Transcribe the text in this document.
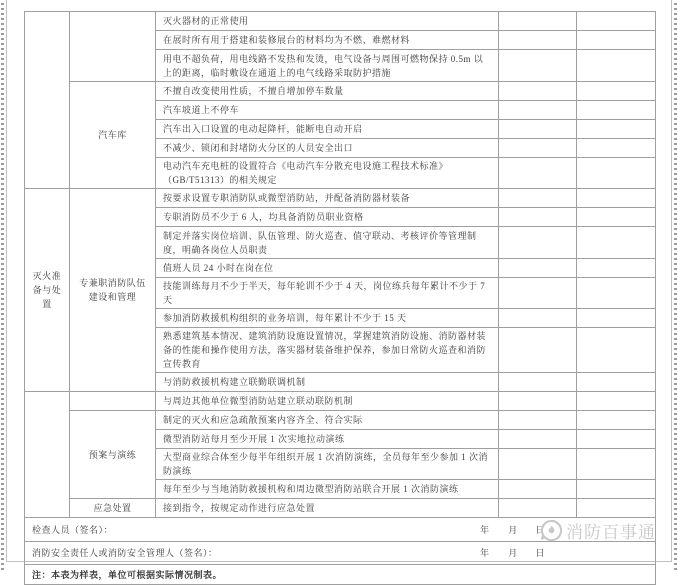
		灭火器材的正常使用		
		在展时所有用于搭建和装修展台的材料均为不燃、难燃材料		
		用电不超负荷，用电线路不发热和发烫，电气设备与周围可燃物保持 0.5m 以上的距离，临时敷设在通道上的电气线路采取防护措施		
	汽车库	不擅自改变使用性质，不擅自增加停车数量		
		汽车坡道上不停车		
		汽车出入口设置的电动起降杆，能断电自动开启		
		不减少、锁闭和封堵防火分区的人员安全出口		
		电动汽车充电桩的设置符合《电动汽车分散充电设施工程技术标准》（GB/T51313）的相关规定		
灭火准备与处置	专兼职消防队伍建设和管理	按要求设置专职消防队或微型消防站，并配备消防器材装备		
		专职消防员不少于 6 人，均具备消防员职业资格		
		制定并落实岗位培训、队伍管理、防火巡查、值守联动、考核评价等管理制度，明确各岗位人员职责		
		值班人员 24 小时在岗在位		
		技能训练每月不少于半天，每年轮训不少于 4 天，岗位练兵每年累计不少于 7 天		
		参加消防救援机构组织的业务培训，每年累计不少于 15 天		
		熟悉建筑基本情况、建筑消防设施设置情况，掌握建筑消防设施、消防器材装备的性能和操作使用方法，落实器材装备维护保养，参加日常防火巡查和消防宣传教育		
		与消防救援机构建立联勤联调机制		
		与周边其他单位微型消防站建立联动联防机制		
	预案与演练	制定的灭火和应急疏散预案内容齐全、符合实际		
		微型消防站每月至少开展 1 次实地拉动演练		
		大型商业综合体至少每半年组织开展 1 次消防演练，全员每年至少参加 1 次消防演练		
		每年至少与当地消防救援机构和周边微型消防站联合开展 1 次消防演练		
	应急处置	接到指令，按规定动作进行应急处置		
检查人员（签名）： 年 月 日				

消防安全责任人或消防安全管理人（签名）： 年 月 日				

注：本表为样表，单位可根据实际情况制表。				
消防百事通
